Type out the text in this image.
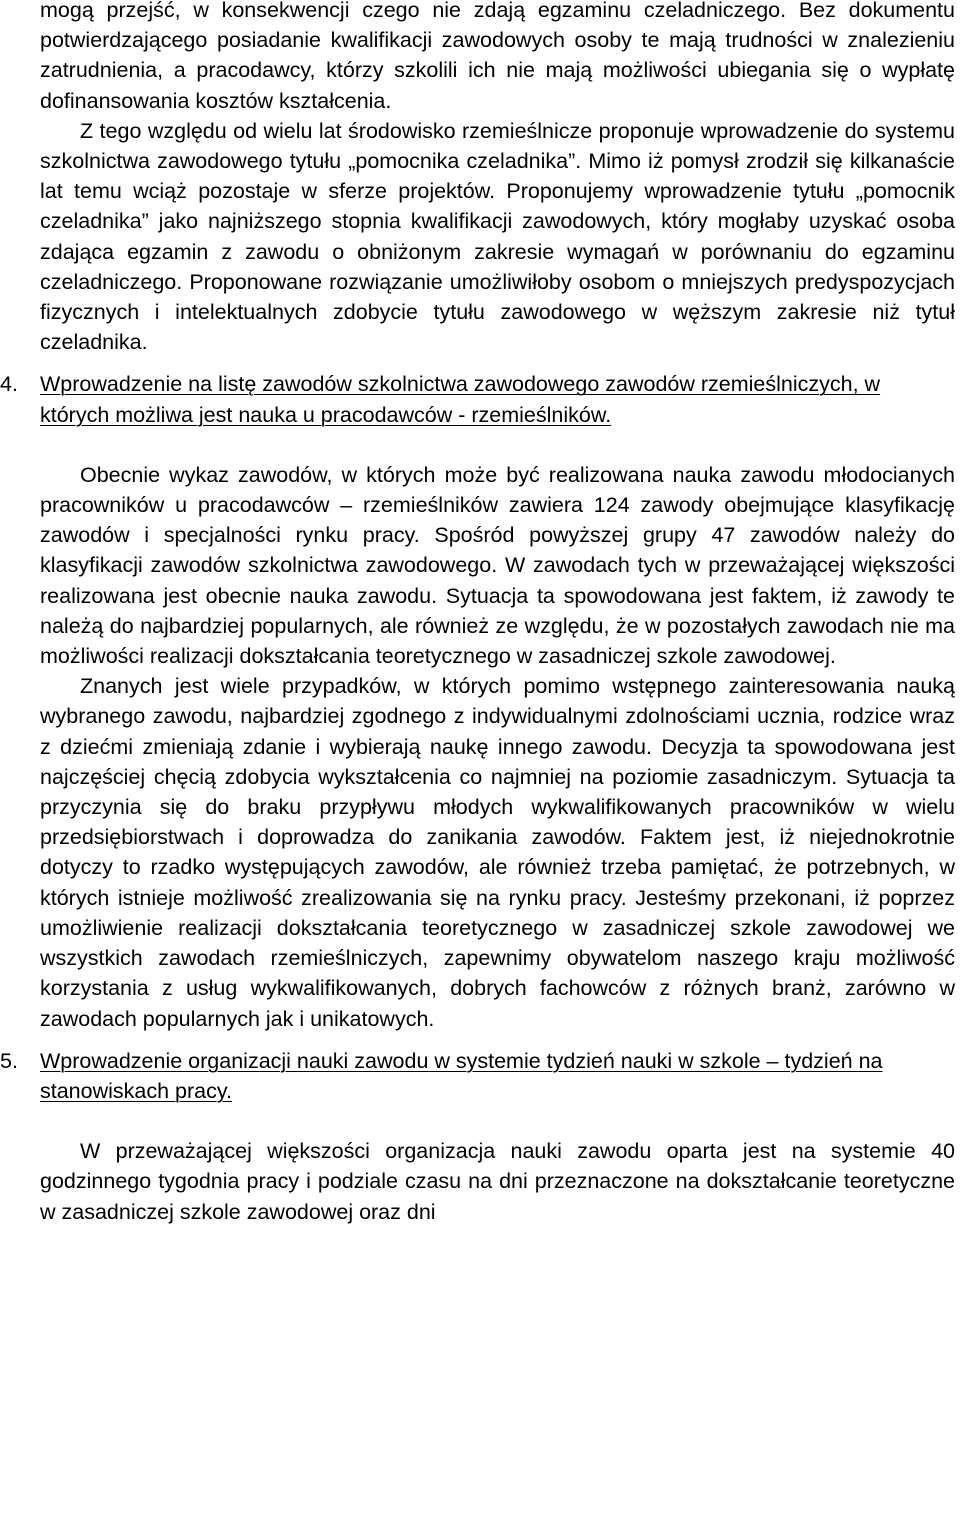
mogą przejść, w konsekwencji czego nie zdają egzaminu czeladniczego. Bez dokumentu potwierdzającego posiadanie kwalifikacji zawodowych osoby te mają trudności w znalezieniu zatrudnienia, a pracodawcy, którzy szkolili ich nie mają możliwości ubiegania się o wypłatę dofinansowania kosztów kształcenia.

Z tego względu od wielu lat środowisko rzemieślnicze proponuje wprowadzenie do systemu szkolnictwa zawodowego tytułu „pomocnika czeladnika”. Mimo iż pomysł zrodził się kilkanaście lat temu wciąż pozostaje w sferze projektów. Proponujemy wprowadzenie tytułu „pomocnik czeladnika” jako najniższego stopnia kwalifikacji zawodowych, który mogłaby uzyskać osoba zdająca egzamin z zawodu o obniżonym zakresie wymagań w porównaniu do egzaminu czeladniczego. Proponowane rozwiązanie umożliwiłoby osobom o mniejszych predyspozycjach fizycznych i intelektualnych zdobycie tytułu zawodowego w węższym zakresie niż tytuł czeladnika.

4.	Wprowadzenie na listę zawodów szkolnictwa zawodowego zawodów rzemieślniczych, w których możliwa jest nauka u pracodawców - rzemieślników.

Obecnie wykaz zawodów, w których może być realizowana nauka zawodu młodocianych pracowników u pracodawców – rzemieślników zawiera 124 zawody obejmujące klasyfikację zawodów i specjalności rynku pracy. Spośród powyższej grupy 47 zawodów należy do klasyfikacji zawodów szkolnictwa zawodowego. W zawodach tych w przeważającej większości realizowana jest obecnie nauka zawodu. Sytuacja ta spowodowana jest faktem, iż zawody te należą do najbardziej popularnych, ale również ze względu, że w pozostałych zawodach nie ma możliwości realizacji dokształcania teoretycznego w zasadniczej szkole zawodowej.

Znanych jest wiele przypadków, w których pomimo wstępnego zainteresowania nauką wybranego zawodu, najbardziej zgodnego z indywidualnymi zdolnościami ucznia, rodzice wraz z dziećmi zmieniają zdanie i wybierają naukę innego zawodu. Decyzja ta spowodowana jest najczęściej chęcią zdobycia wykształcenia co najmniej na poziomie zasadniczym. Sytuacja ta przyczynia się do braku przypływu młodych wykwalifikowanych pracowników w wielu przedsiębiorstwach i doprowadza do zanikania zawodów. Faktem jest, iż niejednokrotnie dotyczy to rzadko występujących zawodów, ale również trzeba pamiętać, że potrzebnych, w których istnieje możliwość zrealizowania się na rynku pracy. Jesteśmy przekonani, iż poprzez umożliwienie realizacji dokształcania teoretycznego w zasadniczej szkole zawodowej we wszystkich zawodach rzemieślniczych, zapewnimy obywatelom naszego kraju możliwość korzystania z usług wykwalifikowanych, dobrych fachowców z różnych branż, zarówno w zawodach popularnych jak i unikatowych.

5.	Wprowadzenie organizacji nauki zawodu w systemie tydzień nauki w szkole – tydzień na stanowiskach pracy.

W przeważającej większości organizacja nauki zawodu oparta jest na systemie 40 godzinnego tygodnia pracy i podziale czasu na dni przeznaczone na dokształcanie teoretyczne w zasadniczej szkole zawodowej oraz dni
